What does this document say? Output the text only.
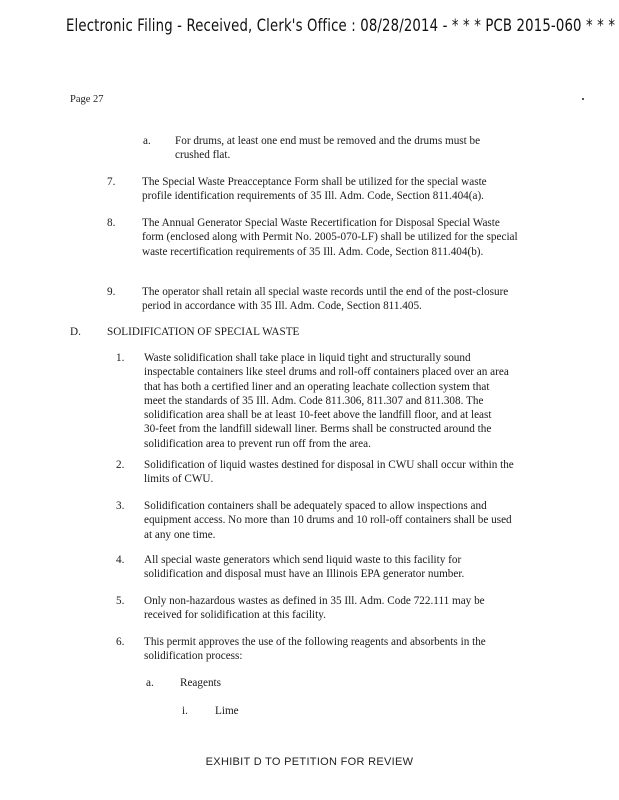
Electronic Filing - Received, Clerk's Office : 08/28/2014 - * * * PCB 2015-060 * * *
Page 27
a. For drums, at least one end must be removed and the drums must be crushed flat.
7. The Special Waste Preacceptance Form shall be utilized for the special waste profile identification requirements of 35 Ill. Adm. Code, Section 811.404(a).
8. The Annual Generator Special Waste Recertification for Disposal Special Waste form (enclosed along with Permit No. 2005-070-LF) shall be utilized for the special waste recertification requirements of 35 Ill. Adm. Code, Section 811.404(b).
9. The operator shall retain all special waste records until the end of the post-closure period in accordance with 35 Ill. Adm. Code, Section 811.405.
D. SOLIDIFICATION OF SPECIAL WASTE
1. Waste solidification shall take place in liquid tight and structurally sound inspectable containers like steel drums and roll-off containers placed over an area that has both a certified liner and an operating leachate collection system that meet the standards of 35 Ill. Adm. Code 811.306, 811.307 and 811.308. The solidification area shall be at least 10-feet above the landfill floor, and at least 30-feet from the landfill sidewall liner. Berms shall be constructed around the solidification area to prevent run off from the area.
2. Solidification of liquid wastes destined for disposal in CWU shall occur within the limits of CWU.
3. Solidification containers shall be adequately spaced to allow inspections and equipment access. No more than 10 drums and 10 roll-off containers shall be used at any one time.
4. All special waste generators which send liquid waste to this facility for solidification and disposal must have an Illinois EPA generator number.
5. Only non-hazardous wastes as defined in 35 Ill. Adm. Code 722.111 may be received for solidification at this facility.
6. This permit approves the use of the following reagents and absorbents in the solidification process:
a. Reagents
i. Lime
EXHIBIT D TO PETITION FOR REVIEW
